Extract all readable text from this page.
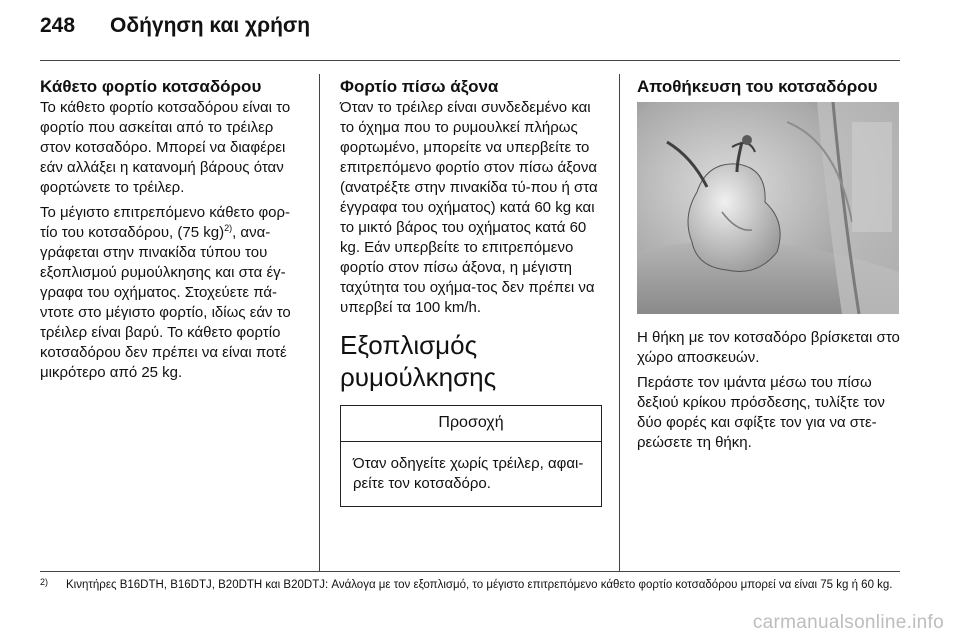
248 Οδήγηση και χρήση
Κάθετο φορτίο κοτσαδόρου

Το κάθετο φορτίο κοτσαδόρου είναι το φορτίο που ασκείται από το τρέιλερ στον κοτσαδόρο. Μπορεί να διαφέρει εάν αλλάξει η κατανομή βάρους όταν φορτώνετε το τρέιλερ.

Το μέγιστο επιτρεπόμενο κάθετο φορ-τίο του κοτσαδόρου, (75 kg)$^{2)}$, ανα-γράφεται στην πινακίδα τύπου του εξοπλισμού ρυμούλκησης και στα έγ-γραφα του οχήματος. Στοχεύετε πά-ντοτε στο μέγιστο φορτίο, ιδίως εάν το τρέιλερ είναι βαρύ. Το κάθετο φορτίο κοτσαδόρου δεν πρέπει να είναι ποτέ μικρότερο από 25 kg.

Φορτίο πίσω άξονα

Όταν το τρέιλερ είναι συνδεδεμένο και το όχημα που το ρυμουλκεί πλήρως φορτωμένο, μπορείτε να υπερβείτε το επιτρεπόμενο φορτίο στον πίσω άξονα (ανατρέξτε στην πινακίδα τύ-που ή στα έγγραφα του οχήματος) κατά 60 kg και το μικτό βάρος του οχήματος κατά 60 kg. Εάν υπερβείτε το επιτρεπόμενο φορτίο στον πίσω άξονα, η μέγιστη ταχύτητα του οχήμα-τος δεν πρέπει να υπερβεί τα 100 km/h.

Εξοπλισμός ρυμούλκησης
Προσοχή
Όταν οδηγείτε χωρίς τρέιλερ, αφαι-ρείτε τον κοτσαδόρο.
Αποθήκευση του κοτσαδόρου

Η θήκη με τον κοτσαδόρο βρίσκεται στο χώρο αποσκευών.

Περάστε τον ιμάντα μέσω του πίσω δεξιού κρίκου πρόσδεσης, τυλίξτε τον δύο φορές και σφίξτε τον για να στε-ρεώσετε τη θήκη.

2) Κινητήρες B16DTH, B16DTJ, B20DTH και B20DTJ: Ανάλογα με τον εξοπλισμό, το μέγιστο επιτρεπόμενο κάθετο φορτίο κοτσαδόρου μπορεί να είναι 75 kg ή 60 kg.
carmanualsonline.info
